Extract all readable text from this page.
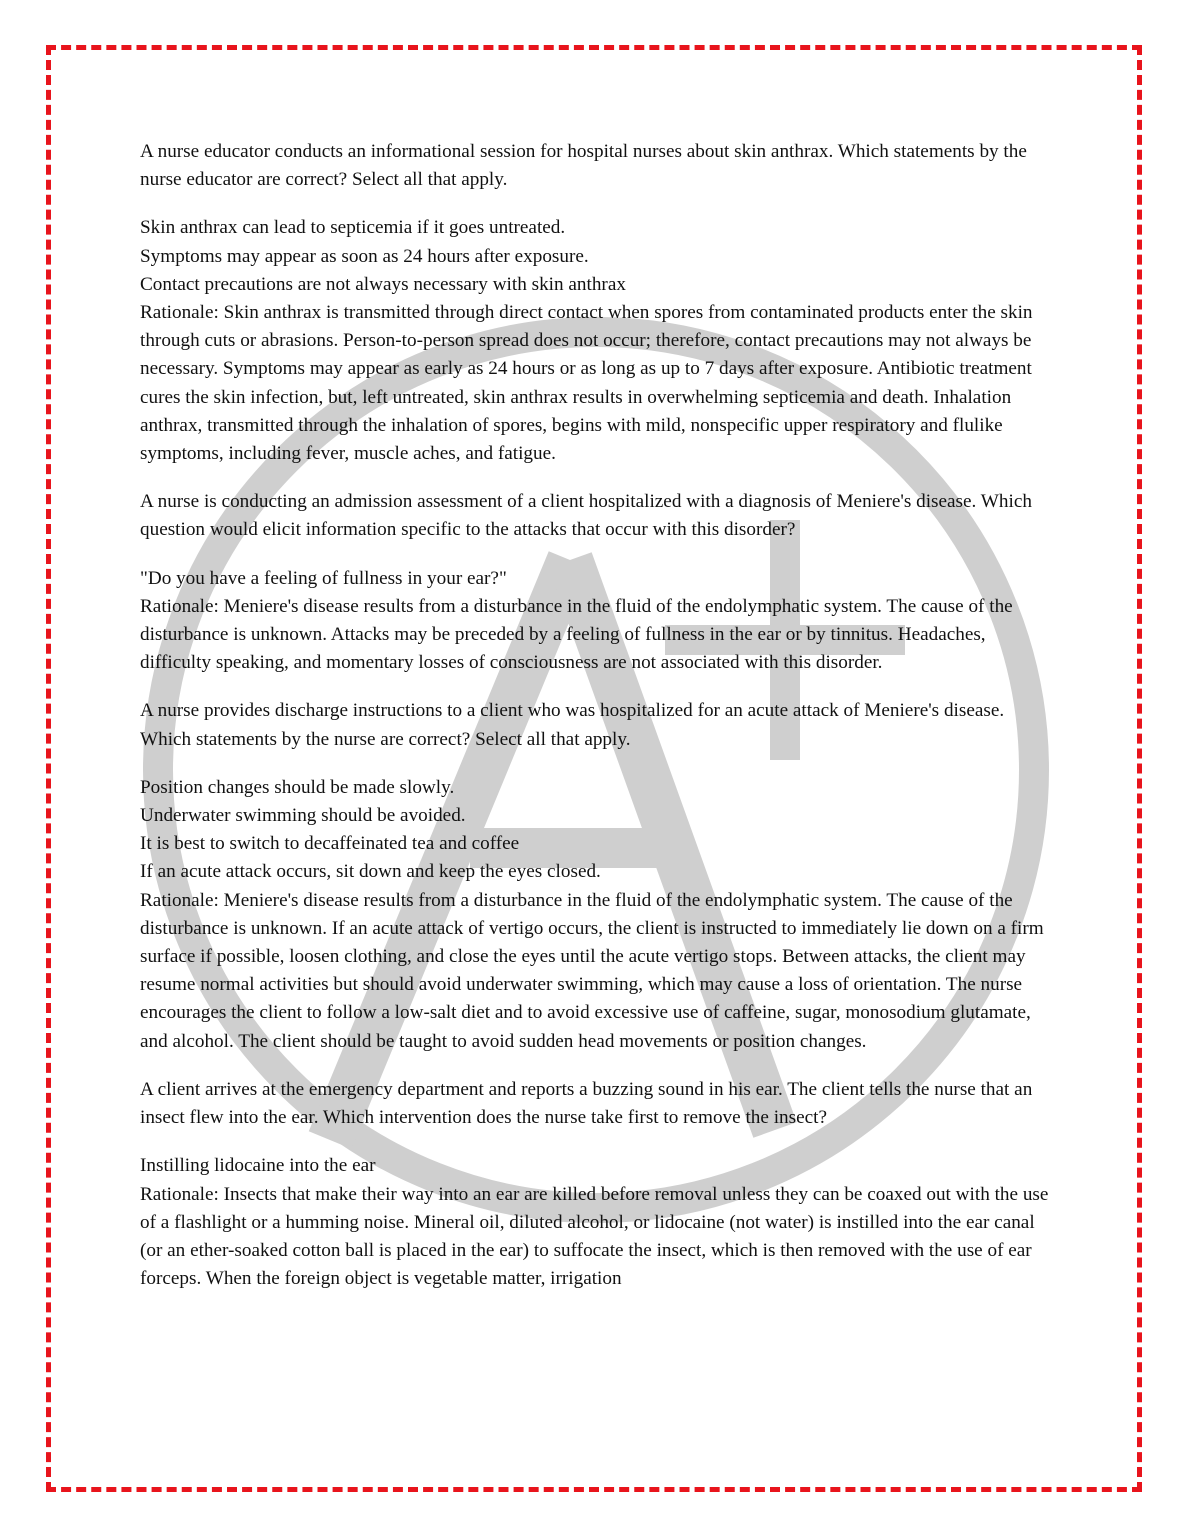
A nurse educator conducts an informational session for hospital nurses about skin anthrax. Which statements by the nurse educator are correct? Select all that apply.

Skin anthrax can lead to septicemia if it goes untreated.
Symptoms may appear as soon as 24 hours after exposure.
Contact precautions are not always necessary with skin anthrax
Rationale: Skin anthrax is transmitted through direct contact when spores from contaminated products enter the skin through cuts or abrasions. Person-to-person spread does not occur; therefore, contact precautions may not always be necessary. Symptoms may appear as early as 24 hours or as long as up to 7 days after exposure. Antibiotic treatment cures the skin infection, but, left untreated, skin anthrax results in overwhelming septicemia and death. Inhalation anthrax, transmitted through the inhalation of spores, begins with mild, nonspecific upper respiratory and flulike symptoms, including fever, muscle aches, and fatigue.

A nurse is conducting an admission assessment of a client hospitalized with a diagnosis of Meniere's disease. Which question would elicit information specific to the attacks that occur with this disorder?

"Do you have a feeling of fullness in your ear?"
Rationale: Meniere's disease results from a disturbance in the fluid of the endolymphatic system. The cause of the disturbance is unknown. Attacks may be preceded by a feeling of fullness in the ear or by tinnitus. Headaches, difficulty speaking, and momentary losses of consciousness are not associated with this disorder.

A nurse provides discharge instructions to a client who was hospitalized for an acute attack of Meniere's disease. Which statements by the nurse are correct? Select all that apply.

Position changes should be made slowly.
Underwater swimming should be avoided.
It is best to switch to decaffeinated tea and coffee
If an acute attack occurs, sit down and keep the eyes closed.
Rationale: Meniere's disease results from a disturbance in the fluid of the endolymphatic system. The cause of the disturbance is unknown. If an acute attack of vertigo occurs, the client is instructed to immediately lie down on a firm surface if possible, loosen clothing, and close the eyes until the acute vertigo stops. Between attacks, the client may resume normal activities but should avoid underwater swimming, which may cause a loss of orientation. The nurse encourages the client to follow a low-salt diet and to avoid excessive use of caffeine, sugar, monosodium glutamate, and alcohol. The client should be taught to avoid sudden head movements or position changes.

A client arrives at the emergency department and reports a buzzing sound in his ear. The client tells the nurse that an insect flew into the ear. Which intervention does the nurse take first to remove the insect?

Instilling lidocaine into the ear
Rationale: Insects that make their way into an ear are killed before removal unless they can be coaxed out with the use of a flashlight or a humming noise. Mineral oil, diluted alcohol, or lidocaine (not water) is instilled into the ear canal (or an ether-soaked cotton ball is placed in the ear) to suffocate the insect, which is then removed with the use of ear forceps. When the foreign object is vegetable matter, irrigation
